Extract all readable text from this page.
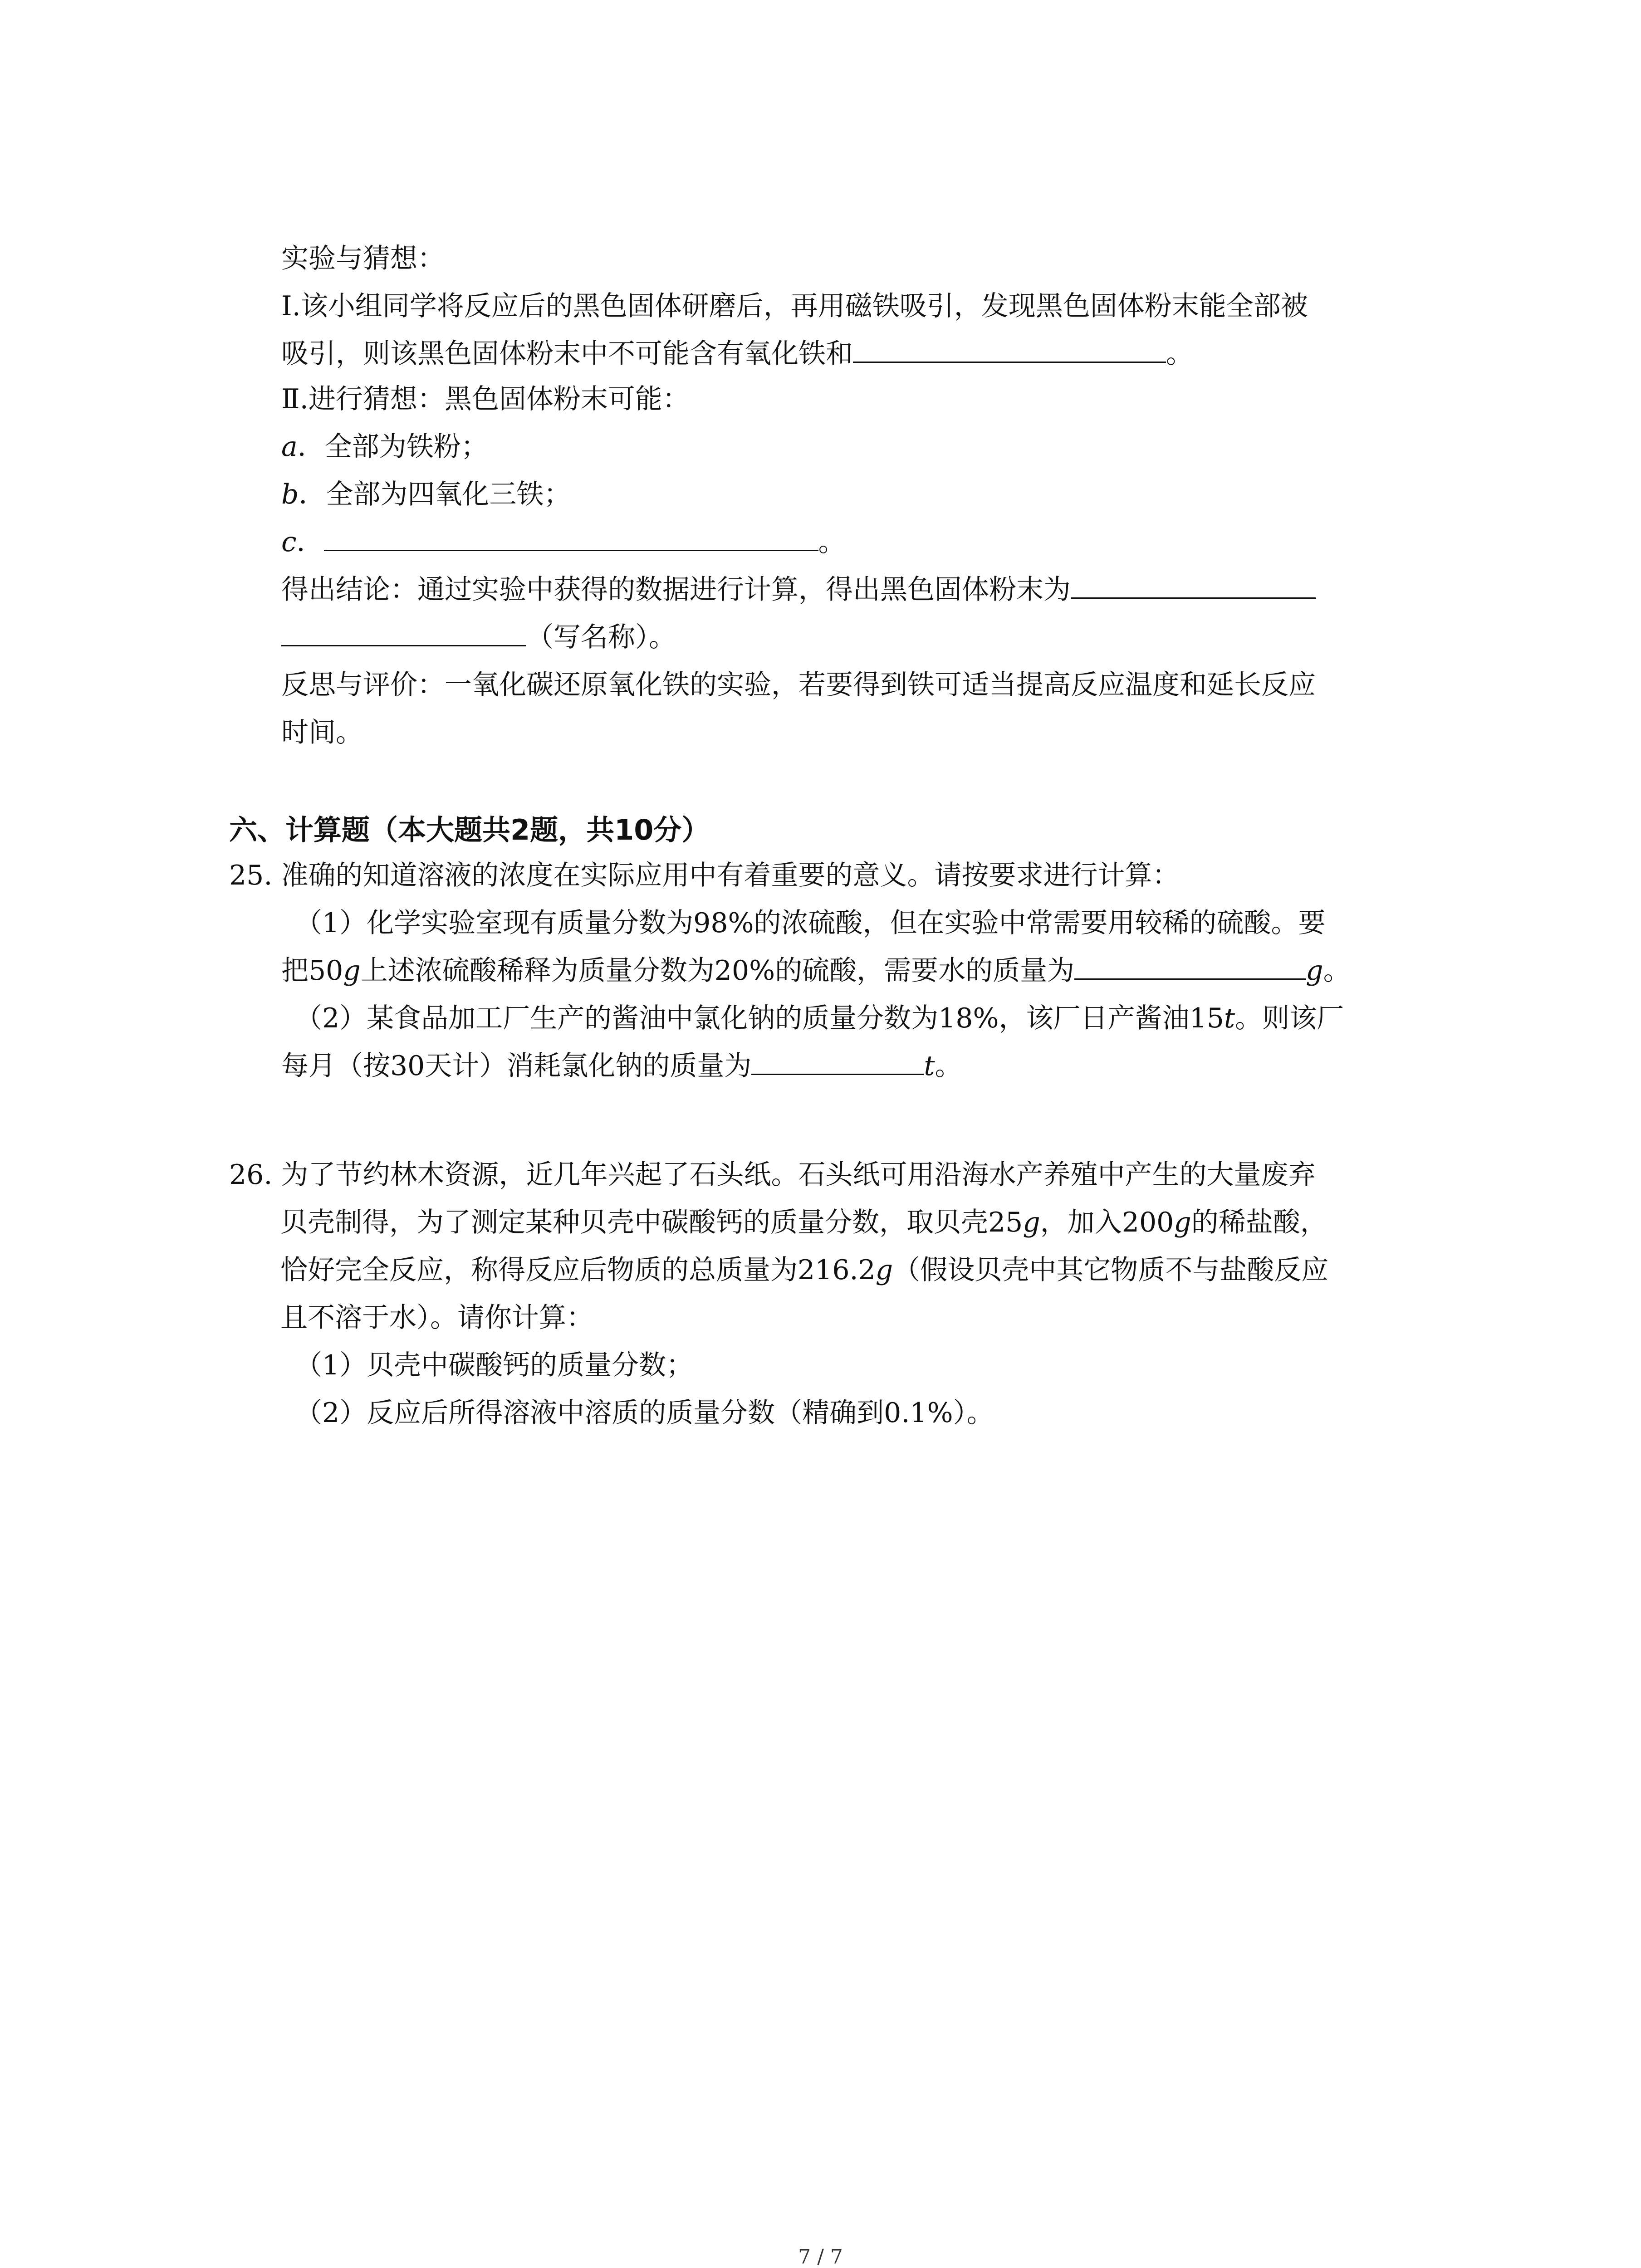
实验与猜想：
Ⅰ.该小组同学将反应后的黑色固体研磨后，再用磁铁吸引，发现黑色固体粉末能全部被
吸引，则该黑色固体粉末中不可能含有氧化铁和	。
Ⅱ.进行猜想：黑色固体粉末可能：
a．全部为铁粉；
b．全部为四氧化三铁；
c．	。
得出结论：通过实验中获得的数据进行计算，得出黑色固体粉末为
（写名称）。
反思与评价：一氧化碳还原氧化铁的实验，若要得到铁可适当提高反应温度和延长反应
时间。
六、计算题（本大题共2题，共10分）
25. 准确的知道溶液的浓度在实际应用中有着重要的意义。请按要求进行计算：
（1）化学实验室现有质量分数为98%的浓硫酸，但在实验中常需要用较稀的硫酸。要
把50g上述浓硫酸稀释为质量分数为20%的硫酸，需要水的质量为	g。
（2）某食品加工厂生产的酱油中氯化钠的质量分数为18%，该厂日产酱油15t。则该厂
每月（按30天计）消耗氯化钠的质量为	t。
26. 为了节约林木资源，近几年兴起了石头纸。石头纸可用沿海水产养殖中产生的大量废弃
贝壳制得，为了测定某种贝壳中碳酸钙的质量分数，取贝壳25g，加入200g的稀盐酸，
恰好完全反应，称得反应后物质的总质量为216.2g（假设贝壳中其它物质不与盐酸反应
且不溶于水）。请你计算：
（1）贝壳中碳酸钙的质量分数；
（2）反应后所得溶液中溶质的质量分数（精确到0.1%）。
7 / 7
